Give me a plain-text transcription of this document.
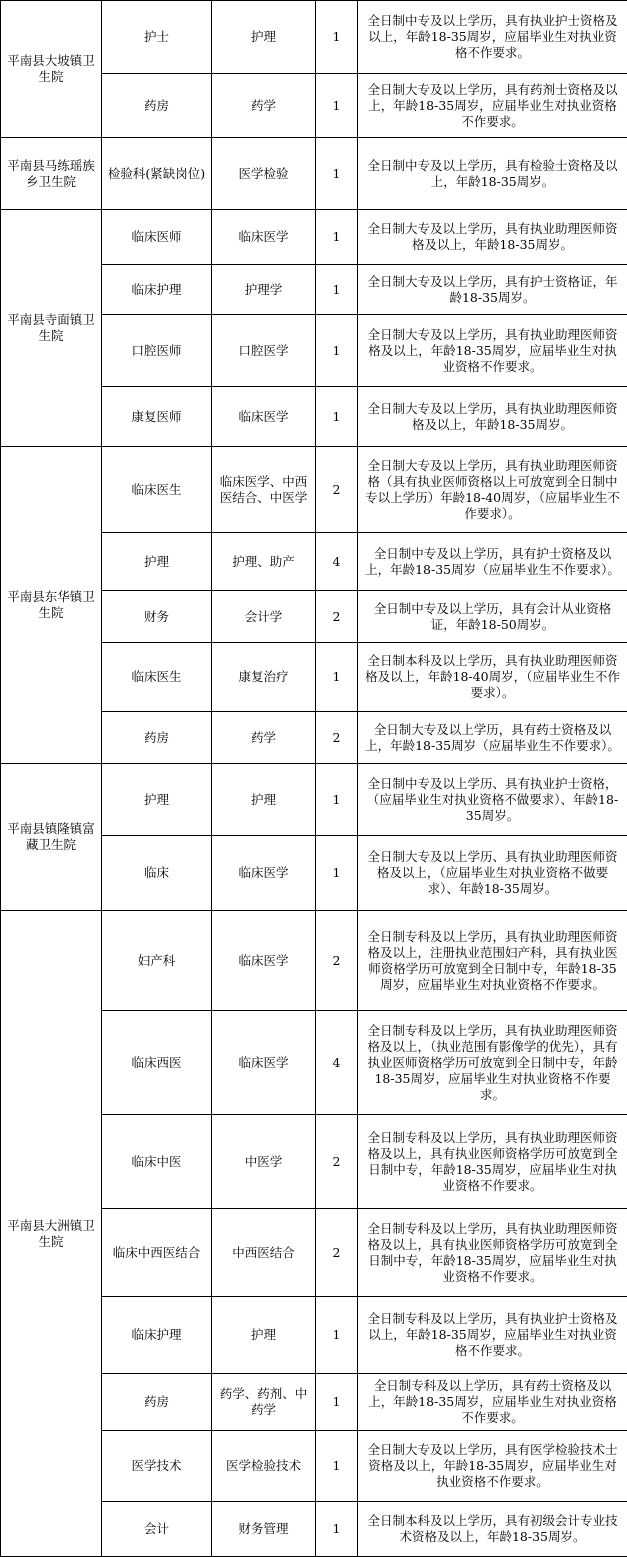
平南县大坡镇卫生院	护士	护理	1	全日制中专及以上学历，具有执业护士资格及以上，年龄18-35周岁，应届毕业生对执业资格不作要求。
	药房	药学	1	全日制大专及以上学历，具有药剂士资格及以上，年龄18-35周岁，应届毕业生对执业资格不作要求。
平南县马练瑶族乡卫生院	检验科(紧缺岗位)	医学检验	1	全日制中专及以上学历，具有检验士资格及以上，年龄18-35周岁。
平南县寺面镇卫生院	临床医师	临床医学	1	全日制大专及以上学历，具有执业助理医师资格及以上，年龄18-35周岁。
	临床护理	护理学	1	全日制大专及以上学历，具有护士资格证，年龄18-35周岁。
	口腔医师	口腔医学	1	全日制大专及以上学历，具有执业助理医师资格及以上，年龄18-35周岁，应届毕业生对执业资格不作要求。
	康复医师	临床医学	1	全日制大专及以上学历，具有执业助理医师资格及以上，年龄18-35周岁。
平南县东华镇卫生院	临床医生	临床医学、中西医结合、中医学	2	全日制大专及以上学历，具有执业助理医师资格（具有执业医师资格以上可放宽到全日制中专以上学历）年龄18-40周岁，（应届毕业生不作要求）。
	护理	护理、助产	4	全日制中专及以上学历，具有护士资格及以上，年龄18-35周岁（应届毕业生不作要求）。
	财务	会计学	2	全日制中专及以上学历，具有会计从业资格证，年龄18-50周岁。
	临床医生	康复治疗	1	全日制本科及以上学历，具有执业助理医师资格及以上，年龄18-40周岁，（应届毕业生不作要求）。
	药房	药学	2	全日制大专及以上学历，具有药士资格及以上，年龄18-35周岁（应届毕业生不作要求）。
平南县镇隆镇富藏卫生院	护理	护理	1	全日制中专及以上学历、具有执业护士资格，（应届毕业生对执业资格不做要求）、年龄18-35周岁。
	临床	临床医学	1	全日制大专及以上学历、具有执业助理医师资格及以上，（应届毕业生对执业资格不做要求）、年龄18-35周岁。
平南县大洲镇卫生院	妇产科	临床医学	2	全日制专科及以上学历，具有执业助理医师资格及以上，注册执业范围妇产科，具有执业医师资格学历可放宽到全日制中专，年龄18-35周岁，应届毕业生对执业资格不作要求。
	临床西医	临床医学	4	全日制专科及以上学历，具有执业助理医师资格及以上，（执业范围有影像学的优先），具有执业医师资格学历可放宽到全日制中专，年龄18-35周岁，应届毕业生对执业资格不作要求。
	临床中医	中医学	2	全日制专科及以上学历，具有执业助理医师资格及以上，具有执业医师资格学历可放宽到全日制中专，年龄18-35周岁，应届毕业生对执业资格不作要求。
	临床中西医结合	中西医结合	2	全日制专科及以上学历，具有执业助理医师资格及以上，具有执业医师资格学历可放宽到全日制中专，年龄18-35周岁，应届毕业生对执业资格不作要求。
	临床护理	护理	1	全日制专科及以上学历，具有执业护士资格及以上，年龄18-35周岁，应届毕业生对执业资格不作要求。
	药房	药学、药剂、中药学	1	全日制专科及以上学历，具有药士资格及以上，年龄18-35周岁，应届毕业生对执业资格不作要求。
	医学技术	医学检验技术	1	全日制大专及以上学历，具有医学检验技术士资格及以上，年龄18-35周岁，应届毕业生对执业资格不作要求。
	会计	财务管理	1	全日制本科及以上学历，具有初级会计专业技术资格及以上，年龄18-35周岁。
